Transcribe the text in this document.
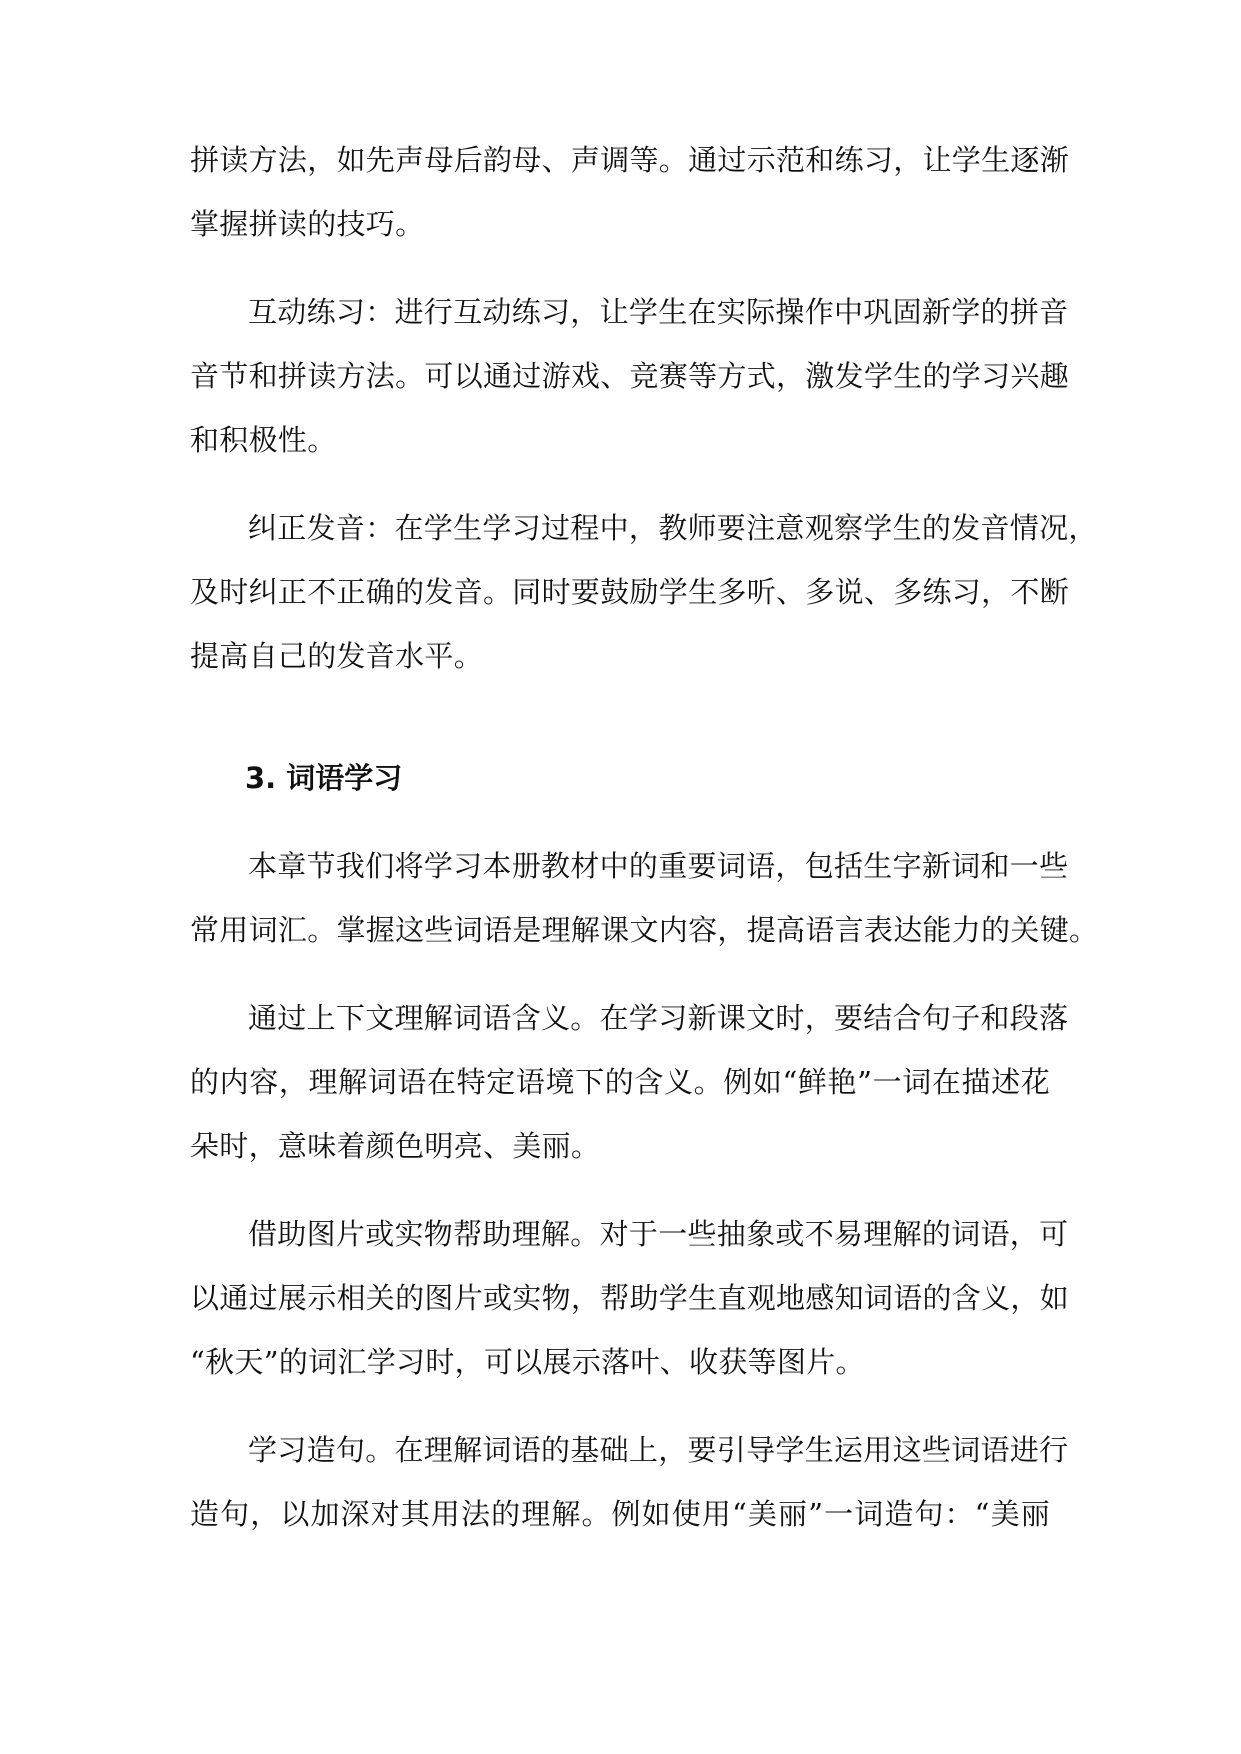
拼读方法，如先声母后韵母、声调等。通过示范和练习，让学生逐渐
掌握拼读的技巧。
互动练习：进行互动练习，让学生在实际操作中巩固新学的拼音
音节和拼读方法。可以通过游戏、竞赛等方式，激发学生的学习兴趣
和积极性。
纠正发音：在学生学习过程中，教师要注意观察学生的发音情况，
及时纠正不正确的发音。同时要鼓励学生多听、多说、多练习，不断
提高自己的发音水平。
3. 词语学习
本章节我们将学习本册教材中的重要词语，包括生字新词和一些
常用词汇。掌握这些词语是理解课文内容，提高语言表达能力的关键。
通过上下文理解词语含义。在学习新课文时，要结合句子和段落
的内容，理解词语在特定语境下的含义。例如“鲜艳”一词在描述花
朵时，意味着颜色明亮、美丽。
借助图片或实物帮助理解。对于一些抽象或不易理解的词语，可
以通过展示相关的图片或实物，帮助学生直观地感知词语的含义，如
“秋天”的词汇学习时，可以展示落叶、收获等图片。
学习造句。在理解词语的基础上，要引导学生运用这些词语进行
造句，以加深对其用法的理解。例如使用“美丽”一词造句：“美丽
